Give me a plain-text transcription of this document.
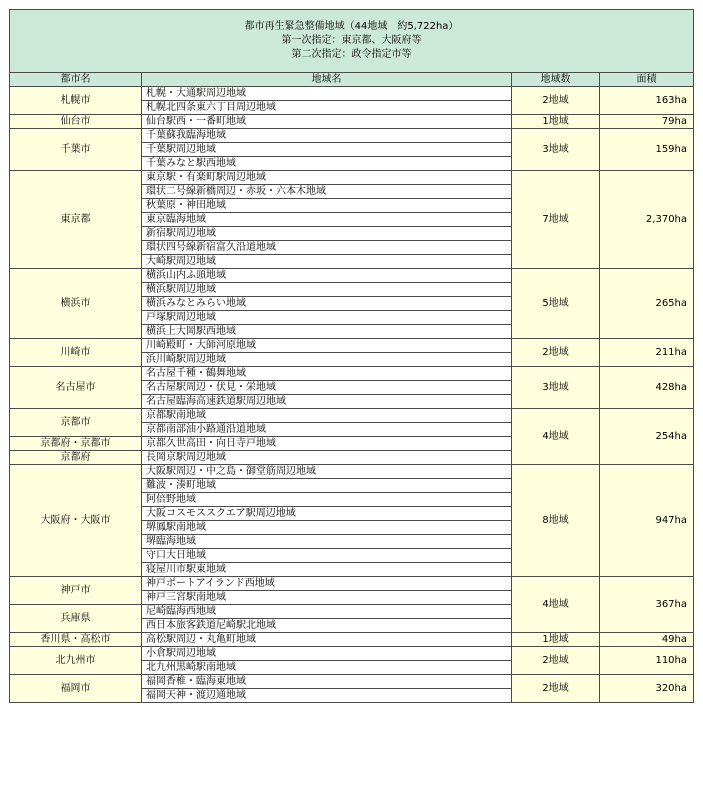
都市再生緊急整備地域（44地域　約5,722ha）
第一次指定：東京都、大阪府等
第二次指定：政令指定市等			

都市名	地域名	地域数	面積
札幌市	札幌・大通駅周辺地域	2地域	163ha
	札幌北四条東六丁目周辺地域		
仙台市	仙台駅西・一番町地域	1地域	79ha
千葉市	千葉蘇我臨海地域	3地域	159ha
	千葉駅周辺地域		
	千葉みなと駅西地域		
東京都	東京駅・有楽町駅周辺地域	7地域	2,370ha
	環状二号線新橋周辺・赤坂・六本木地域		
	秋葉原・神田地域		
	東京臨海地域		
	新宿駅周辺地域		
	環状四号線新宿富久沿道地域		
	大崎駅周辺地域		
横浜市	横浜山内ふ頭地域	5地域	265ha
	横浜駅周辺地域		
	横浜みなとみらい地域		
	戸塚駅周辺地域		
	横浜上大岡駅西地域		
川崎市	川崎殿町・大師河原地域	2地域	211ha
	浜川崎駅周辺地域		
名古屋市	名古屋千種・鶴舞地域	3地域	428ha
	名古屋駅周辺・伏見・栄地域		
	名古屋臨海高速鉄道駅周辺地域		
京都市	京都駅南地域	4地域	254ha
	京都南部油小路通沿道地域		
京都府・京都市	京都久世高田・向日寺戸地域		
京都府	長岡京駅周辺地域		
大阪府・大阪市	大阪駅周辺・中之島・御堂筋周辺地域	8地域	947ha
	難波・湊町地域		
	阿倍野地域		
	大阪コスモススクエア駅周辺地域		
	堺鳳駅南地域		
	堺臨海地域		
	守口大日地域		
	寝屋川市駅東地域		
神戸市	神戸ポートアイランド西地域	4地域	367ha
	神戸三宮駅南地域		
兵庫県	尼崎臨海西地域		
	西日本旅客鉄道尼崎駅北地域		
香川県・高松市	高松駅周辺・丸亀町地域	1地域	49ha
北九州市	小倉駅周辺地域	2地域	110ha
	北九州黒崎駅南地域		
福岡市	福岡香椎・臨海東地域	2地域	320ha
	福岡天神・渡辺通地域		
